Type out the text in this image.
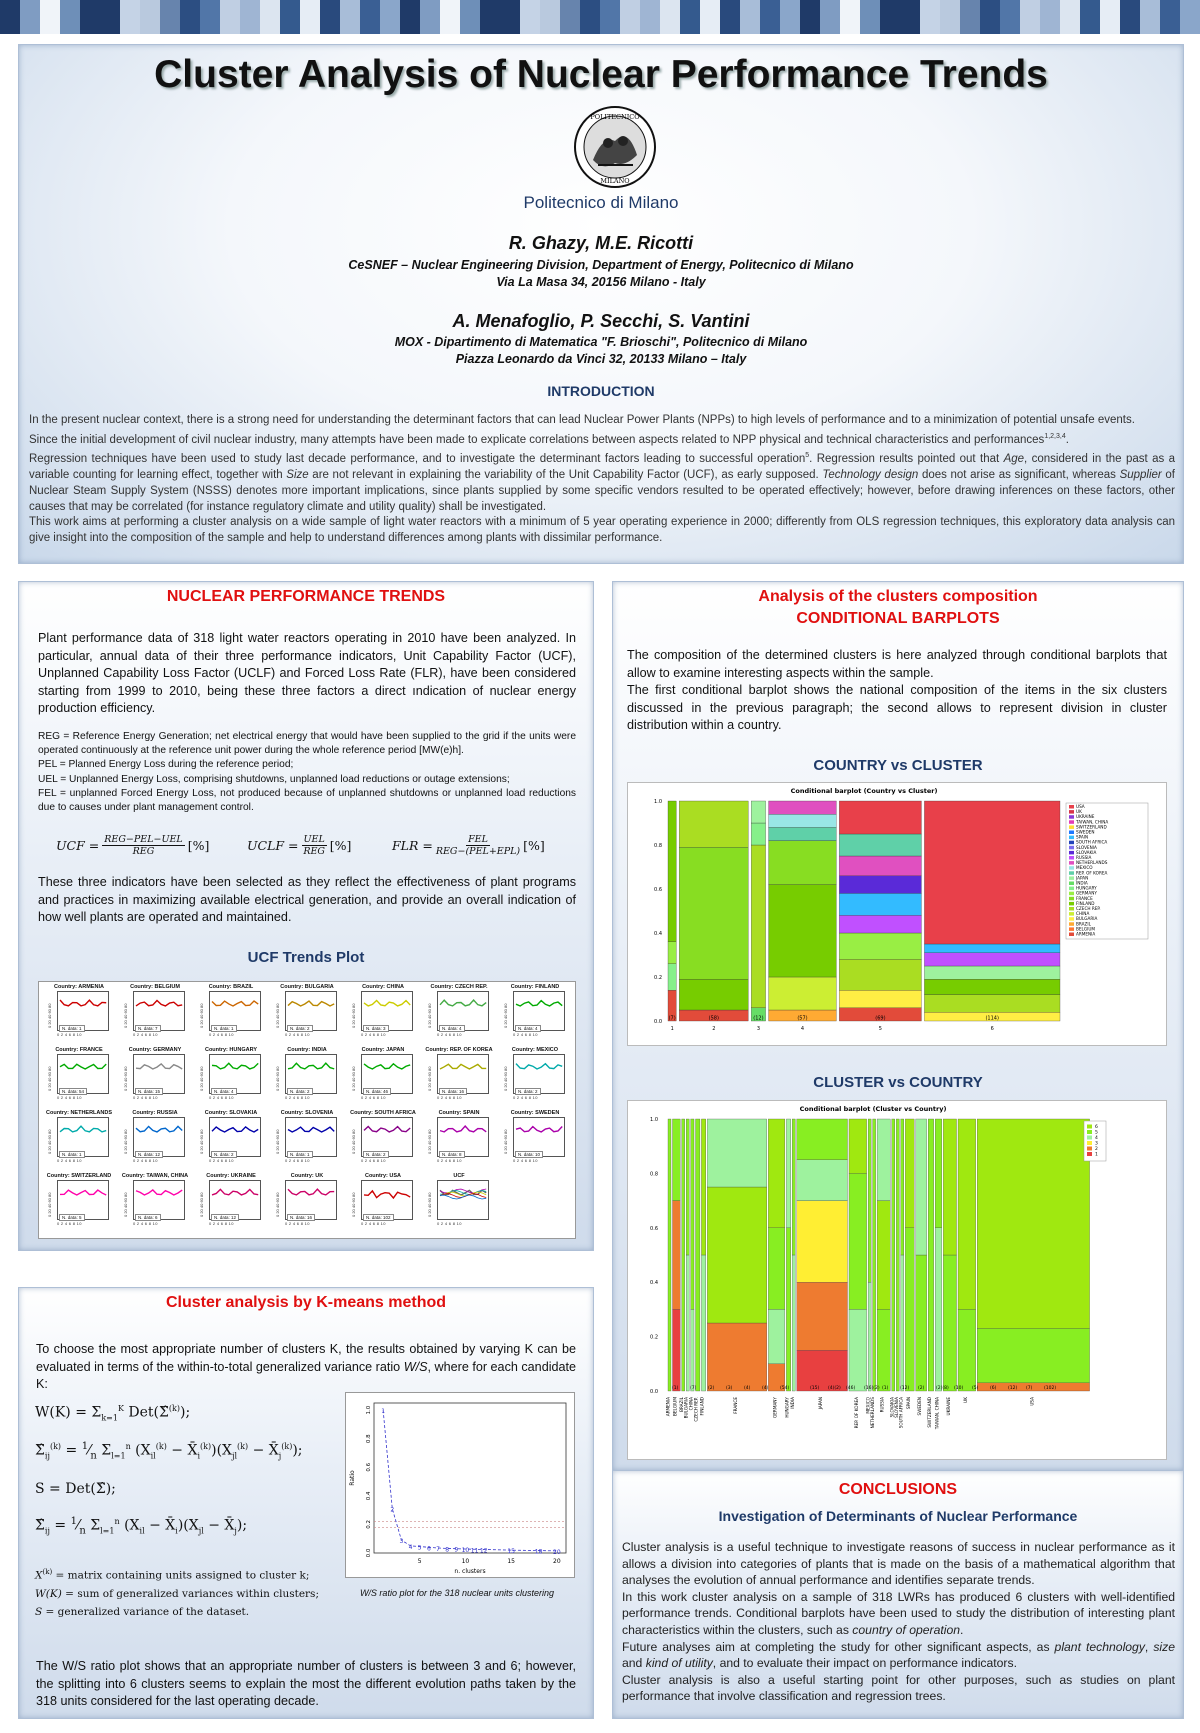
Cluster Analysis of Nuclear Performance Trends
POLITECNICO
MILANO
Politecnico di Milano
R. Ghazy, M.E. Ricotti
CeSNEF – Nuclear Engineering Division, Department of Energy, Politecnico di Milano
Via La Masa 34, 20156 Milano - Italy
A. Menafoglio, P. Secchi, S. Vantini
MOX - Dipartimento di Matematica "F. Brioschi", Politecnico di Milano
Piazza Leonardo da Vinci 32, 20133 Milano – Italy
INTRODUCTION
In the present nuclear context, there is a strong need for understanding the determinant factors that can lead Nuclear Power Plants (NPPs) to high levels of performance and to a minimization of potential unsafe events.
Since the initial development of civil nuclear industry, many attempts have been made to explicate correlations between aspects related to NPP physical and technical characteristics and performances$^{1,2,3,4}$.
Regression techniques have been used to study last decade performance, and to investigate the determinant factors leading to successful operation$^5$. Regression results pointed out that Age, considered in the past as a variable counting for learning effect, together with Size are not relevant in explaining the variability of the Unit Capability Factor (UCF), as early supposed. Technology design does not arise as significant, whereas Supplier of Nuclear Steam Supply System (NSSS) denotes more important implications, since plants supplied by some specific vendors resulted to be operated effectively; however, before drawing inferences on these factors, other causes that may be correlated (for instance regulatory climate and utility quality) shall be investigated.
This work aims at performing a cluster analysis on a wide sample of light water reactors with a minimum of 5 year operating experience in 2000; differently from OLS regression techniques, this exploratory data analysis can give insight into the composition of the sample and help to understand differences among plants with dissimilar performance.
NUCLEAR PERFORMANCE TRENDS
Plant performance data of 318 light water reactors operating in 2010 have been analyzed. In particular, annual data of their three performance indicators, Unit Capability Factor (UCF), Unplanned Capability Loss Factor (UCLF) and Forced Loss Rate (FLR), have been considered starting from 1999 to 2010, being these three factors a direct ındication of nuclear energy production efficiency.
REG = Reference Energy Generation; net electrical energy that would have been supplied to the grid if the units were operated continuously at the reference unit power during the whole reference period [MW(e)h].
PEL = Planned Energy Loss during the reference period;
UEL = Unplanned Energy Loss, comprising shutdowns, unplanned load reductions or outage extensions;
FEL = unplanned Forced Energy Loss, not produced because of unplanned shutdowns or unplanned load reductions due to causes under plant management control.
UCF = $\frac{\text{REG−PEL−UEL}}{\text{REG}}$ [%]	UCLF = $\frac{\text{UEL}}{\text{REG}}$ [%]	FLR = $\frac{\text{FEL}}{\text{REG−(PEL+EPL)}}$ [%]
These three indicators have been selected as they reflect the effectiveness of plant programs and practices in maximizing available electrical generation, and provide an overall indication of how well plants are operated and maintained.
UCF Trends Plot
Country: ARMENIA
N. data: 1
0 2 4 6 8 10
0 20 40 60 80
Country: BELGIUM
N. data: 7
0 2 4 6 8 10
0 20 40 60 80
Country: BRAZIL
N. data: 1
0 2 4 6 8 10
0 20 40 60 80
Country: BULGARIA
N. data: 2
0 2 4 6 8 10
0 20 40 60 80
Country: CHINA
N. data: 3
0 2 4 6 8 10
0 20 40 60 80
Country: CZECH REP.
N. data: 4
0 2 4 6 8 10
0 20 40 60 80
Country: FINLAND
N. data: 4
0 2 4 6 8 10
0 20 40 60 80
Country: FRANCE
N. data: 54
0 2 4 6 8 10
0 20 40 60 80
Country: GERMANY
N. data: 15
0 2 4 6 8 10
0 20 40 60 80
Country: HUNGARY
N. data: 4
0 2 4 6 8 10
0 20 40 60 80
Country: INDIA
N. data: 2
0 2 4 6 8 10
0 20 40 60 80
Country: JAPAN
N. data: 46
0 2 4 6 8 10
0 20 40 60 80
Country: REP. OF KOREA
N. data: 16
0 2 4 6 8 10
0 20 40 60 80
Country: MEXICO
N. data: 2
0 2 4 6 8 10
0 20 40 60 80
Country: NETHERLANDS
N. data: 1
0 2 4 6 8 10
0 20 40 60 80
Country: RUSSIA
N. data: 12
0 2 4 6 8 10
0 20 40 60 80
Country: SLOVAKIA
N. data: 2
0 2 4 6 8 10
0 20 40 60 80
Country: SLOVENIA
N. data: 1
0 2 4 6 8 10
0 20 40 60 80
Country: SOUTH AFRICA
N. data: 2
0 2 4 6 8 10
0 20 40 60 80
Country: SPAIN
N. data: 8
0 2 4 6 8 10
0 20 40 60 80
Country: SWEDEN
N. data: 10
0 2 4 6 8 10
0 20 40 60 80
Country: SWITZERLAND
N. data: 5
0 2 4 6 8 10
0 20 40 60 80
Country: TAIWAN, CHINA
N. data: 6
0 2 4 6 8 10
0 20 40 60 80
Country: UKRAINE
N. data: 12
0 2 4 6 8 10
0 20 40 60 80
Country: UK
N. data: 16
0 2 4 6 8 10
0 20 40 60 80
Country: USA
N. data: 102
0 2 4 6 8 10
0 20 40 60 80
UCF
0 2 4 6 8 10
0 20 40 60 80
Cluster analysis by K-means method
To choose the most appropriate number of clusters K, the results obtained by varying K can be evaluated in terms of the within-to-total generalized variance ratio W/S, where for each candidate K:
$W(K) = \Sigma_{k=1}^K$ Det(Σ̂$^{(k)}$);
$\Sigmâ_{ij}^{(k)}$ = $^1⁄_n$ $\Sigma_{l=1}^n$ ($X_{il}^{(k)}$ − $X̄_i^{(k)})(X_{jl}^{(k)}$ − $X̄_j^{(k)}$);
S = Det(Σ̂);
$\Sigmâ_{ij}$ = $^1⁄_n$ $\Sigma_{l=1}^n$ ($X_{il}$ − $X̄_i)(X_{jl}$ − $X̄_j$);
$X^{(k)}$ = matrix containing units assigned to cluster k;
W(K) = sum of generalized variances within clusters;
S = generalized variance of the dataset.
1
2
3
4 5 6 7 8 9 10 11 12	15	18 20
5	10	15	20
0.0
0.2
0.4
0.6
0.8
1.0
n. clusters
Ratio
W/S ratio plot for the 318 nuclear units clustering
The W/S ratio plot shows that an appropriate number of clusters is between 3 and 6; however, the splitting into 6 clusters seems to explain the most the different evolution paths taken by the 318 units considered for the last operating decade.
Analysis of the clusters composition
CONDITIONAL BARPLOTS
The composition of the determined clusters is here analyzed through conditional barplots that allow to examine interesting aspects within the sample.
The first conditional barplot shows the national composition of the items in the six clusters discussed in the previous paragraph; the second allows to represent division in cluster distribution within a country.
COUNTRY vs CLUSTER
Conditional barplot (Country vs Cluster)
(7)
1
(58)
2
(12)
3
(57)
4
(69)
5
(114)
6
0.0
0.2
0.4
0.6
0.8
1.0
USA
UK
UKRAINE
TAIWAN, CHINA
SWITZERLAND
SWEDEN
SPAIN
SOUTH AFRICA
SLOVENIA
SLOVAKIA
RUSSIA
NETHERLANDS
MEXICO
REP. OF KOREA
JAPAN
INDIA
HUNGARY
GERMANY
FRANCE
FINLAND
CZECH REP.
CHINA
BULGARIA
BRAZIL
BELGIUM
ARMENIA
CLUSTER vs COUNTRY
Conditional barplot (Cluster vs Country)
ARMENIA BELGIUM BRAZIL BULGARIA CHINA CZECH REP. FINLAND	FRANCE	GERMANY HUNGARY INDIA	JAPAN	REP. OF KOREA MEXICO NETHERLANDS RUSSIA SLOVAKIA SLOVENIA SOUTH AFRICA SPAIN SWEDEN SWITZERLAND TAIWAN, CHINA UKRAINE	UK	USA
(1)	(7)	(2)	(3)	(4)	(4)	(54)	(15) (4)(2) (46) (16)(2) (1)	(12) (2)	(2)(8) (10) (5)	(6)	(12) (7)	(102)
0.0
0.2
0.4
0.6
0.8
1.0
6
5
4
3
2
1
CONCLUSIONS
Investigation of Determinants of Nuclear Performance
Cluster analysis is a useful technique to investigate reasons of success in nuclear performance as it allows a division into categories of plants that is made on the basis of a mathematical algorithm that analyses the evolution of annual performance and identifies separate trends.
In this work cluster analysis on a sample of 318 LWRs has produced 6 clusters with well-identified performance trends. Conditional barplots have been used to study the distribution of interesting plant characteristics within the clusters, such as country of operation.
Future analyses aim at completing the study for other significant aspects, as plant technology, size and kind of utility, and to evaluate their impact on performance indicators.
Cluster analysis is also a useful starting point for other purposes, such as studies on plant performance that involve classification and regression trees.
